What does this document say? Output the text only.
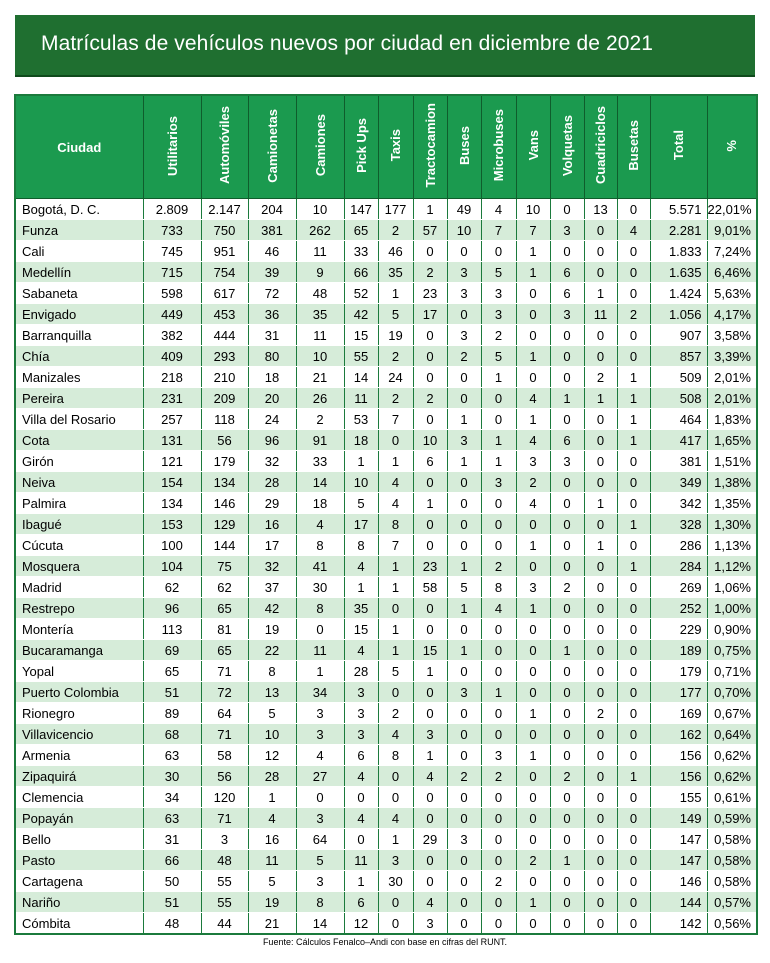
Matrículas de vehículos nuevos por ciudad en diciembre de 2021
Ciudad	Utilitarios	Automóviles	Camionetas	Camiones	Pick Ups	Taxis	Tractocamion	Buses	Microbuses	Vans	Volquetas	Cuadriciclos	Busetas	Total	%
Bogotá, D. C.	2.809	2.147	204	10	147	177	1	49	4	10	0	13	0	5.571	22,01%
Funza	733	750	381	262	65	2	57	10	7	7	3	0	4	2.281	9,01%
Cali	745	951	46	11	33	46	0	0	0	1	0	0	0	1.833	7,24%
Medellín	715	754	39	9	66	35	2	3	5	1	6	0	0	1.635	6,46%
Sabaneta	598	617	72	48	52	1	23	3	3	0	6	1	0	1.424	5,63%
Envigado	449	453	36	35	42	5	17	0	3	0	3	11	2	1.056	4,17%
Barranquilla	382	444	31	11	15	19	0	3	2	0	0	0	0	907	3,58%
Chía	409	293	80	10	55	2	0	2	5	1	0	0	0	857	3,39%
Manizales	218	210	18	21	14	24	0	0	1	0	0	2	1	509	2,01%
Pereira	231	209	20	26	11	2	2	0	0	4	1	1	1	508	2,01%
Villa del Rosario	257	118	24	2	53	7	0	1	0	1	0	0	1	464	1,83%
Cota	131	56	96	91	18	0	10	3	1	4	6	0	1	417	1,65%
Girón	121	179	32	33	1	1	6	1	1	3	3	0	0	381	1,51%
Neiva	154	134	28	14	10	4	0	0	3	2	0	0	0	349	1,38%
Palmira	134	146	29	18	5	4	1	0	0	4	0	1	0	342	1,35%
Ibagué	153	129	16	4	17	8	0	0	0	0	0	0	1	328	1,30%
Cúcuta	100	144	17	8	8	7	0	0	0	1	0	1	0	286	1,13%
Mosquera	104	75	32	41	4	1	23	1	2	0	0	0	1	284	1,12%
Madrid	62	62	37	30	1	1	58	5	8	3	2	0	0	269	1,06%
Restrepo	96	65	42	8	35	0	0	1	4	1	0	0	0	252	1,00%
Montería	113	81	19	0	15	1	0	0	0	0	0	0	0	229	0,90%
Bucaramanga	69	65	22	11	4	1	15	1	0	0	1	0	0	189	0,75%
Yopal	65	71	8	1	28	5	1	0	0	0	0	0	0	179	0,71%
Puerto Colombia	51	72	13	34	3	0	0	3	1	0	0	0	0	177	0,70%
Rionegro	89	64	5	3	3	2	0	0	0	1	0	2	0	169	0,67%
Villavicencio	68	71	10	3	3	4	3	0	0	0	0	0	0	162	0,64%
Armenia	63	58	12	4	6	8	1	0	3	1	0	0	0	156	0,62%
Zipaquirá	30	56	28	27	4	0	4	2	2	0	2	0	1	156	0,62%
Clemencia	34	120	1	0	0	0	0	0	0	0	0	0	0	155	0,61%
Popayán	63	71	4	3	4	4	0	0	0	0	0	0	0	149	0,59%
Bello	31	3	16	64	0	1	29	3	0	0	0	0	0	147	0,58%
Pasto	66	48	11	5	11	3	0	0	0	2	1	0	0	147	0,58%
Cartagena	50	55	5	3	1	30	0	0	2	0	0	0	0	146	0,58%
Nariño	51	55	19	8	6	0	4	0	0	1	0	0	0	144	0,57%
Cómbita	48	44	21	14	12	0	3	0	0	0	0	0	0	142	0,56%
Fuente: Cálculos Fenalco–Andi con base en cifras del RUNT.
